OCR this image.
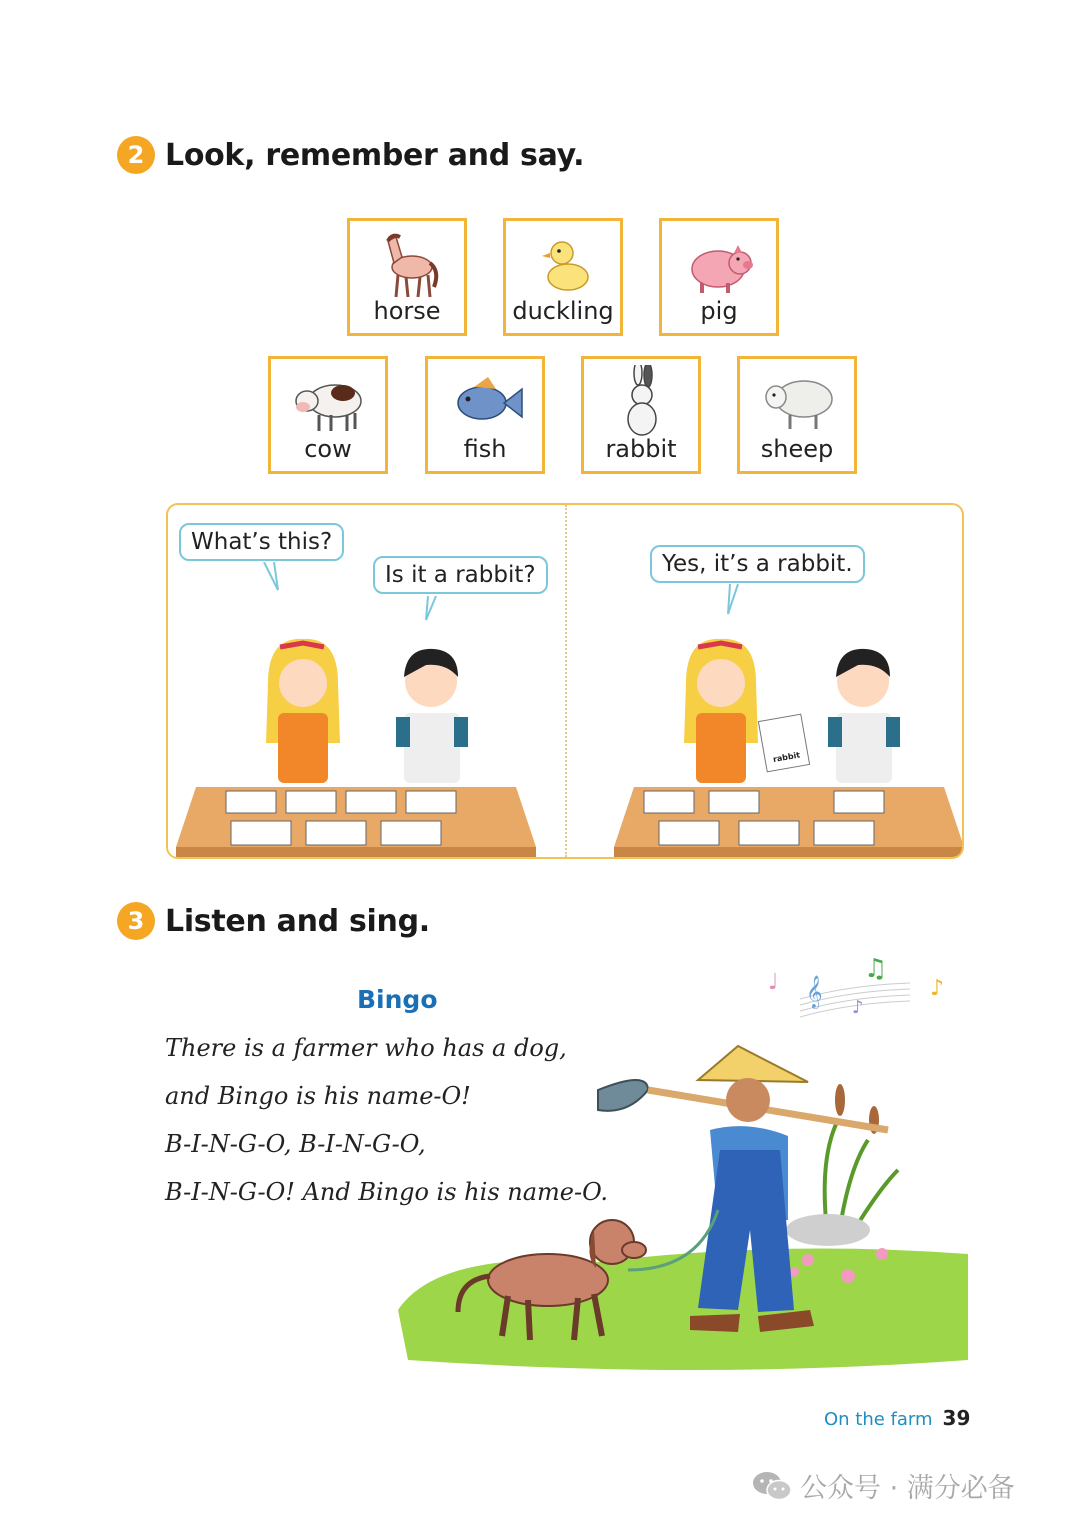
2 Look, remember and say.
horse	duckling	pig
cow	fish	rabbit	sheep
rabbit
What’s this?
Is it a rabbit?	Yes, it’s a rabbit.
3 Listen and sing.
Bingo
There is a farmer who has a dog,
and Bingo is his name-O!
B-I-N-G-O, B-I-N-G-O,
B-I-N-G-O! And Bingo is his name-O.
♩ 𝄞
♫
♪
♪
On the farm 39
公众号 · 满分必备
